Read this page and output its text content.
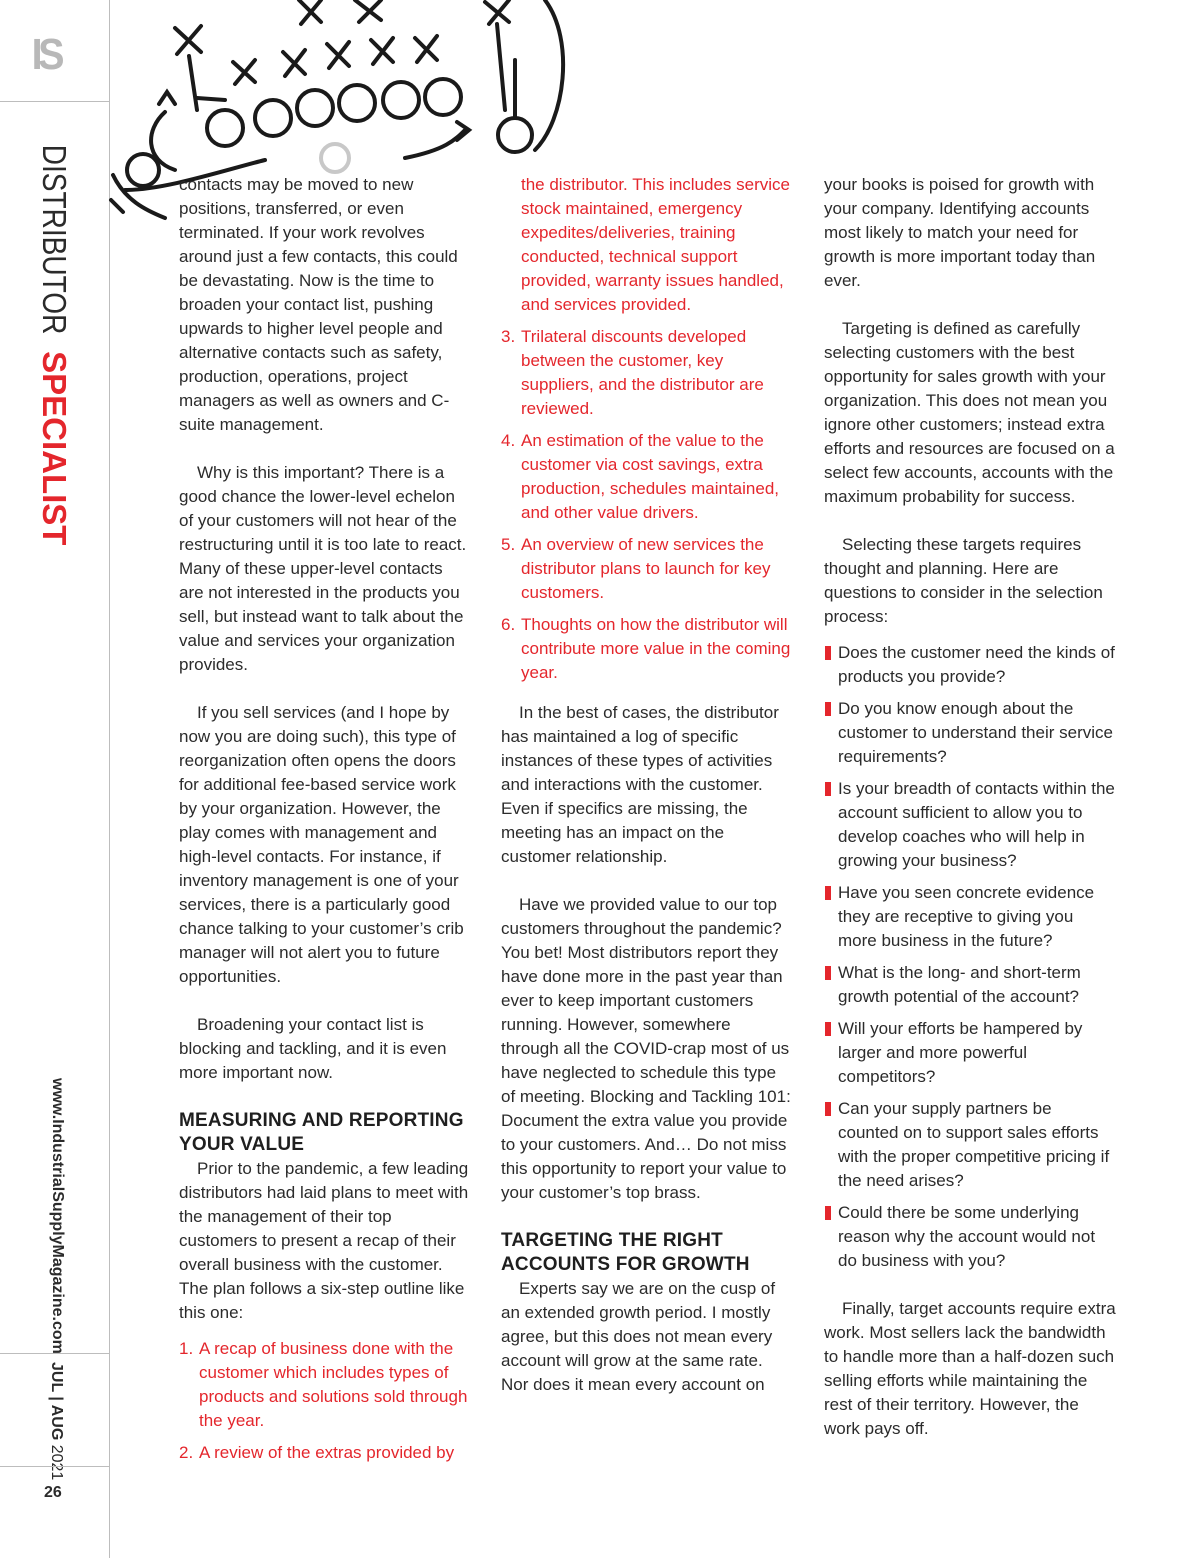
IS
DISTRIBUTORSPECIALIST
www.IndustrialSupplyMagazine.com
JUL | AUG 2021
26

contacts may be moved to new positions, transferred, or even terminated. If your work revolves around just a few contacts, this could be devastating. Now is the time to broaden your contact list, pushing upwards to higher level people and alternative contacts such as safety, production, operations, project managers as well as owners and C-suite management.

Why is this important? There is a good chance the lower-level echelon of your customers will not hear of the restructuring until it is too late to react. Many of these upper-level contacts are not interested in the products you sell, but instead want to talk about the value and services your organization provides.

If you sell services (and I hope by now you are doing such), this type of reorganization often opens the doors for additional fee-based service work by your organization. However, the play comes with management and high-level contacts. For instance, if inventory management is one of your services, there is a particularly good chance talking to your customer’s crib manager will not alert you to future opportunities.

Broadening your contact list is blocking and tackling, and it is even more important now.

MEASURING AND REPORTING YOUR VALUE

Prior to the pandemic, a few leading distributors had laid plans to meet with the management of their top customers to present a recap of their overall business with the customer. The plan follows a six-step outline like this one:

1. A recap of business done with the customer which includes types of products and solutions sold through the year.
2. A review of the extras provided by
the distributor. This includes service stock maintained, emergency expedites/deliveries, training conducted, technical support provided, warranty issues handled, and services provided.
3. Trilateral discounts developed between the customer, key suppliers, and the distributor are reviewed.
4. An estimation of the value to the customer via cost savings, extra production, schedules maintained, and other value drivers.
5. An overview of new services the distributor plans to launch for key customers.
6. Thoughts on how the distributor will contribute more value in the coming year.

In the best of cases, the distributor has maintained a log of specific instances of these types of activities and interactions with the customer. Even if specifics are missing, the meeting has an impact on the customer relationship.

Have we provided value to our top customers throughout the pandemic? You bet! Most distributors report they have done more in the past year than ever to keep important customers running. However, somewhere through all the COVID-crap most of us have neglected to schedule this type of meeting. Blocking and Tackling 101: Document the extra value you provide to your customers. And… Do not miss this opportunity to report your value to your customer’s top brass.

TARGETING THE RIGHT ACCOUNTS FOR GROWTH

Experts say we are on the cusp of an extended growth period. I mostly agree, but this does not mean every account will grow at the same rate. Nor does it mean every account on

your books is poised for growth with your company. Identifying accounts most likely to match your need for growth is more important today than ever.

Targeting is defined as carefully selecting customers with the best opportunity for sales growth with your organization. This does not mean you ignore other customers; instead extra efforts and resources are focused on a select few accounts, accounts with the maximum probability for success.

Selecting these targets requires thought and planning. Here are questions to consider in the selection process:

Does the customer need the kinds of products you provide?
Do you know enough about the customer to understand their service requirements?
Is your breadth of contacts within the account sufficient to allow you to develop coaches who will help in growing your business?
Have you seen concrete evidence they are receptive to giving you more business in the future?
What is the long- and short-term growth potential of the account?
Will your efforts be hampered by larger and more powerful competitors?
Can your supply partners be counted on to support sales efforts with the proper competitive pricing if the need arises?
Could there be some underlying reason why the account would not do business with you?

Finally, target accounts require extra work. Most sellers lack the bandwidth to handle more than a half-dozen such selling efforts while maintaining the rest of their territory. However, the work pays off.
